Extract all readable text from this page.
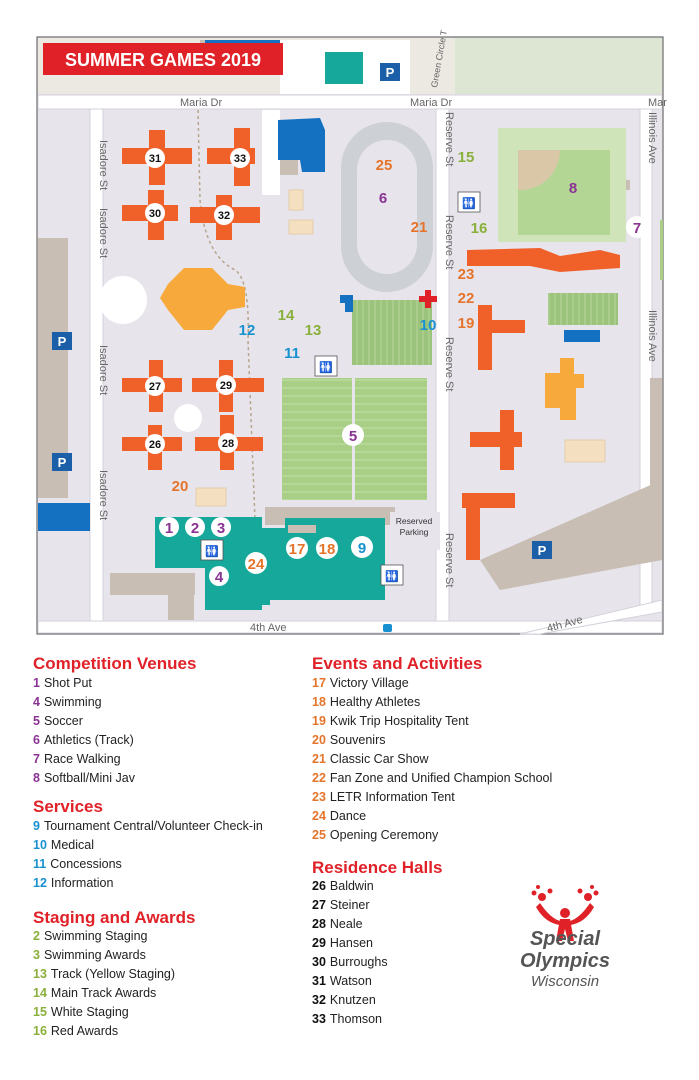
Maria Dr	Maria Dr	Mar
Isadore St
Isadore St
Isadore St
Isadore St
Reserve St
Reserve St
Reserve St
Reserve St
Illinois Ave
Illinois Ave
4th Ave	4th Ave
Green Circle T
Reserved
Parking
P
P
P
P
🚻
🚻
🚻
🚻
SUMMER GAMES 2019
31	33
30	32
27	29
26	28
25
6
21
15
16
8
7
23
22
19
10
14
13
12
11
5
20
1 2 3
4
24
17 18 9
Competition Venues
1 Shot Put
4 Swimming
5 Soccer
6 Athletics (Track)
7 Race Walking
8 Softball/Mini Jav
Services
9 Tournament Central/Volunteer Check-in
10 Medical
11 Concessions
12 Information
Staging and Awards
2 Swimming Staging
3 Swimming Awards
13 Track (Yellow Staging)
14 Main Track Awards
15 White Staging
16 Red Awards
Events and Activities
17 Victory Village
18 Healthy Athletes
19 Kwik Trip Hospitality Tent
20 Souvenirs
21 Classic Car Show
22 Fan Zone and Unified Champion School
23 LETR Information Tent
24 Dance
25 Opening Ceremony
Residence Halls
26 Baldwin
27 Steiner
28 Neale
29 Hansen
30 Burroughs
31 Watson
32 Knutzen
33 Thomson
Special
Olympics
Wisconsin
